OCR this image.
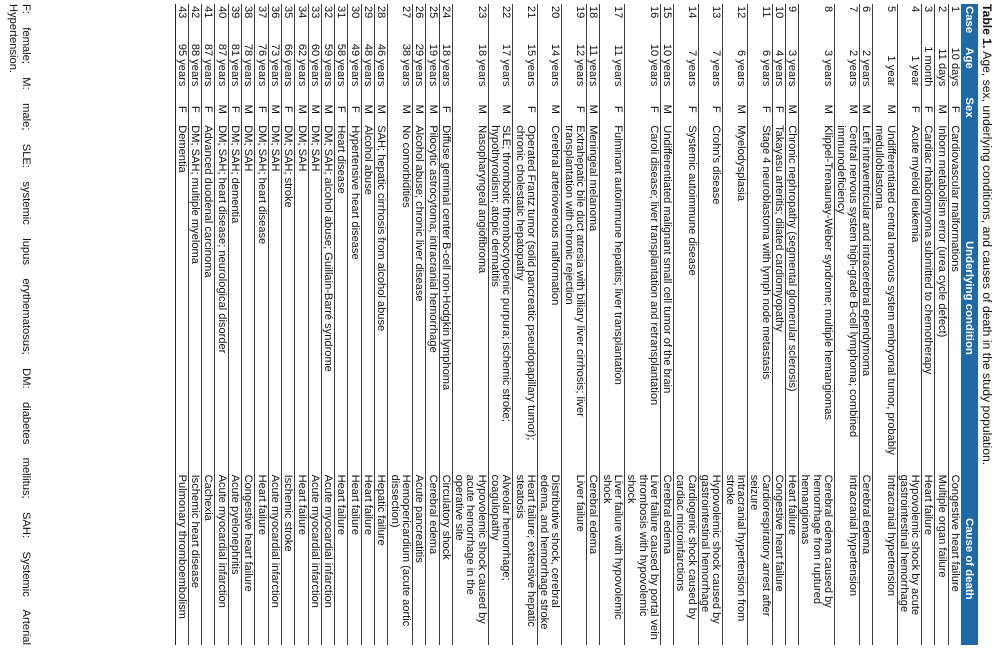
Table 1. Age, sex, underlying conditions, and causes of death in the study population.
Case	Age	Sex	Underlying condition	Cause of death
1	10 days	F	Cardiovascular malformations	Congestive heart failure
2	11 days	M	Inborn metabolism error (urea cycle defect)	Multiple organ failure
3	1 month	F	Cardiac rhabdomyoma submitted to chemotherapy	Heart failure
4	1 year	F	Acute myeloid leukemia	Hypovolemic shock by acute gastrointestinal hemorrhage
5	1 year	M	Undifferentiated central nervous system embryonal tumor, probably medulloblastoma	Intracranial hypertension
6	2 years	M	Left intraventricular and intracerebral ependymoma	Cerebral edema
7	2 years	M	Central nervous system high-grade B-cell lymphoma; combined immunodeficiency	Intracranial hypertension
8	3 years	M	Klippel-Trenaunay-Weber syndrome; multiple hemangiomas	Cerebral edema caused by hemorrhage from ruptured hemangiomas
9	3 years	M	Chronic nephropathy (segmental glomerular sclerosis)	Heart failure
10	4 years	F	Takayasu arteritis; dilated cardiomyopathy	Congestive heart failure
11	6 years	F	Stage 4 neuroblastoma with lymph node metastasis	Cardiorespiratory arrest after seizure
12	6 years	M	Myelodysplasia	Intracranial hypertension from stroke
13	7 years	F	Crohn's disease	Hypovolemic shock caused by gastrointestinal hemorrhage
14	7 years	F	Systemic autoimmune disease	Cardiogenic shock caused by cardiac microinfarctions
15	10 years	M	Undifferentiated malignant small cell tumor of the brain	Cerebral edema
16	10 years	F	Caroli disease; liver transplantation and retransplantation	Liver failure caused by portal vein thrombosis with hypovolemic shock
17	11 years	F	Fulminant autoimmune hepatitis; liver transplantation	Liver failure with hypovolemic shock
18	11 years	M	Meningeal melanoma	Cerebral edema
19	12 years	F	Extrahepatic bile duct atresia with biliary liver cirrhosis; liver transplantation with chronic rejection	Liver failure
20	14 years	M	Cerebral arteriovenous malformation	Distributive shock, cerebral edema, and hemorrhage stroke
21	15 years	F	Operated Frantz tumor (solid pancreatic pseudopapillary tumor); chronic cholestatic hepatopathy	Heart failure; extensive hepatic steatosis
22	17 years	M	SLE; thrombotic thrombocytopenic purpura; ischemic stroke; hypothyroidism; atopic dermatitis	Alveolar hemorrhage; coagulopathy
23	18 years	M	Nasopharyngeal angiofibroma	Hypovolemic shock caused by acute hemorrhage in the operative site
24	18 years	F	Diffuse germinal center B-cell non-Hodgkin lymphoma	Circulatory shock
25	19 years	M	Pilocytic astrocytoma; intracranial hemorrhage	Cerebral edema
26	29 years	M	Alcohol abuse; chronic liver disease	Acute pancreatitis
27	38 years	M	No comorbidities	Hemopericardium (acute aortic dissection)
28	46 years	M	SAH; hepatic cirrhosis from alcohol abuse	Hepatic failure
29	48 years	M	Alcohol abuse	Heart failure
30	49 years	F	Hypertensive heart disease	Heart failure
31	58 years	F	Heart disease	Heart failure
32	59 years	M	DM; SAH; alcohol abuse; Guillain-Barré syndrome	Acute myocardial infarction
33	60 years	M	DM; SAH	Acute myocardial infarction
34	62 years	M	DM; SAH	Heart failure
35	66 years	F	DM; SAH; stroke	Ischemic stroke
36	73 years	M	DM; SAH	Acute myocardial infarction
37	76 years	F	DM; SAH; heart disease	Heart failure
38	78 years	M	DM; SAH	Congestive heart failure
39	81 years	F	DM; SAH; dementia	Acute pyelonephritis
40	87 years	M	DM; SAH; heart disease; neurological disorder	Acute myocardial infarction
41	87 years	F	Advanced duodenal carcinoma	Cachexia
42	88 years	F	DM; SAH; multiple myeloma	Ischemic heart disease
43	95 years	F	Dementia	Pulmonary thromboembolism
F: female; M: male; SLE: systemic lupus erythematosus; DM: diabetes mellitus; SAH: Systemic Arterial
Hypertension.
